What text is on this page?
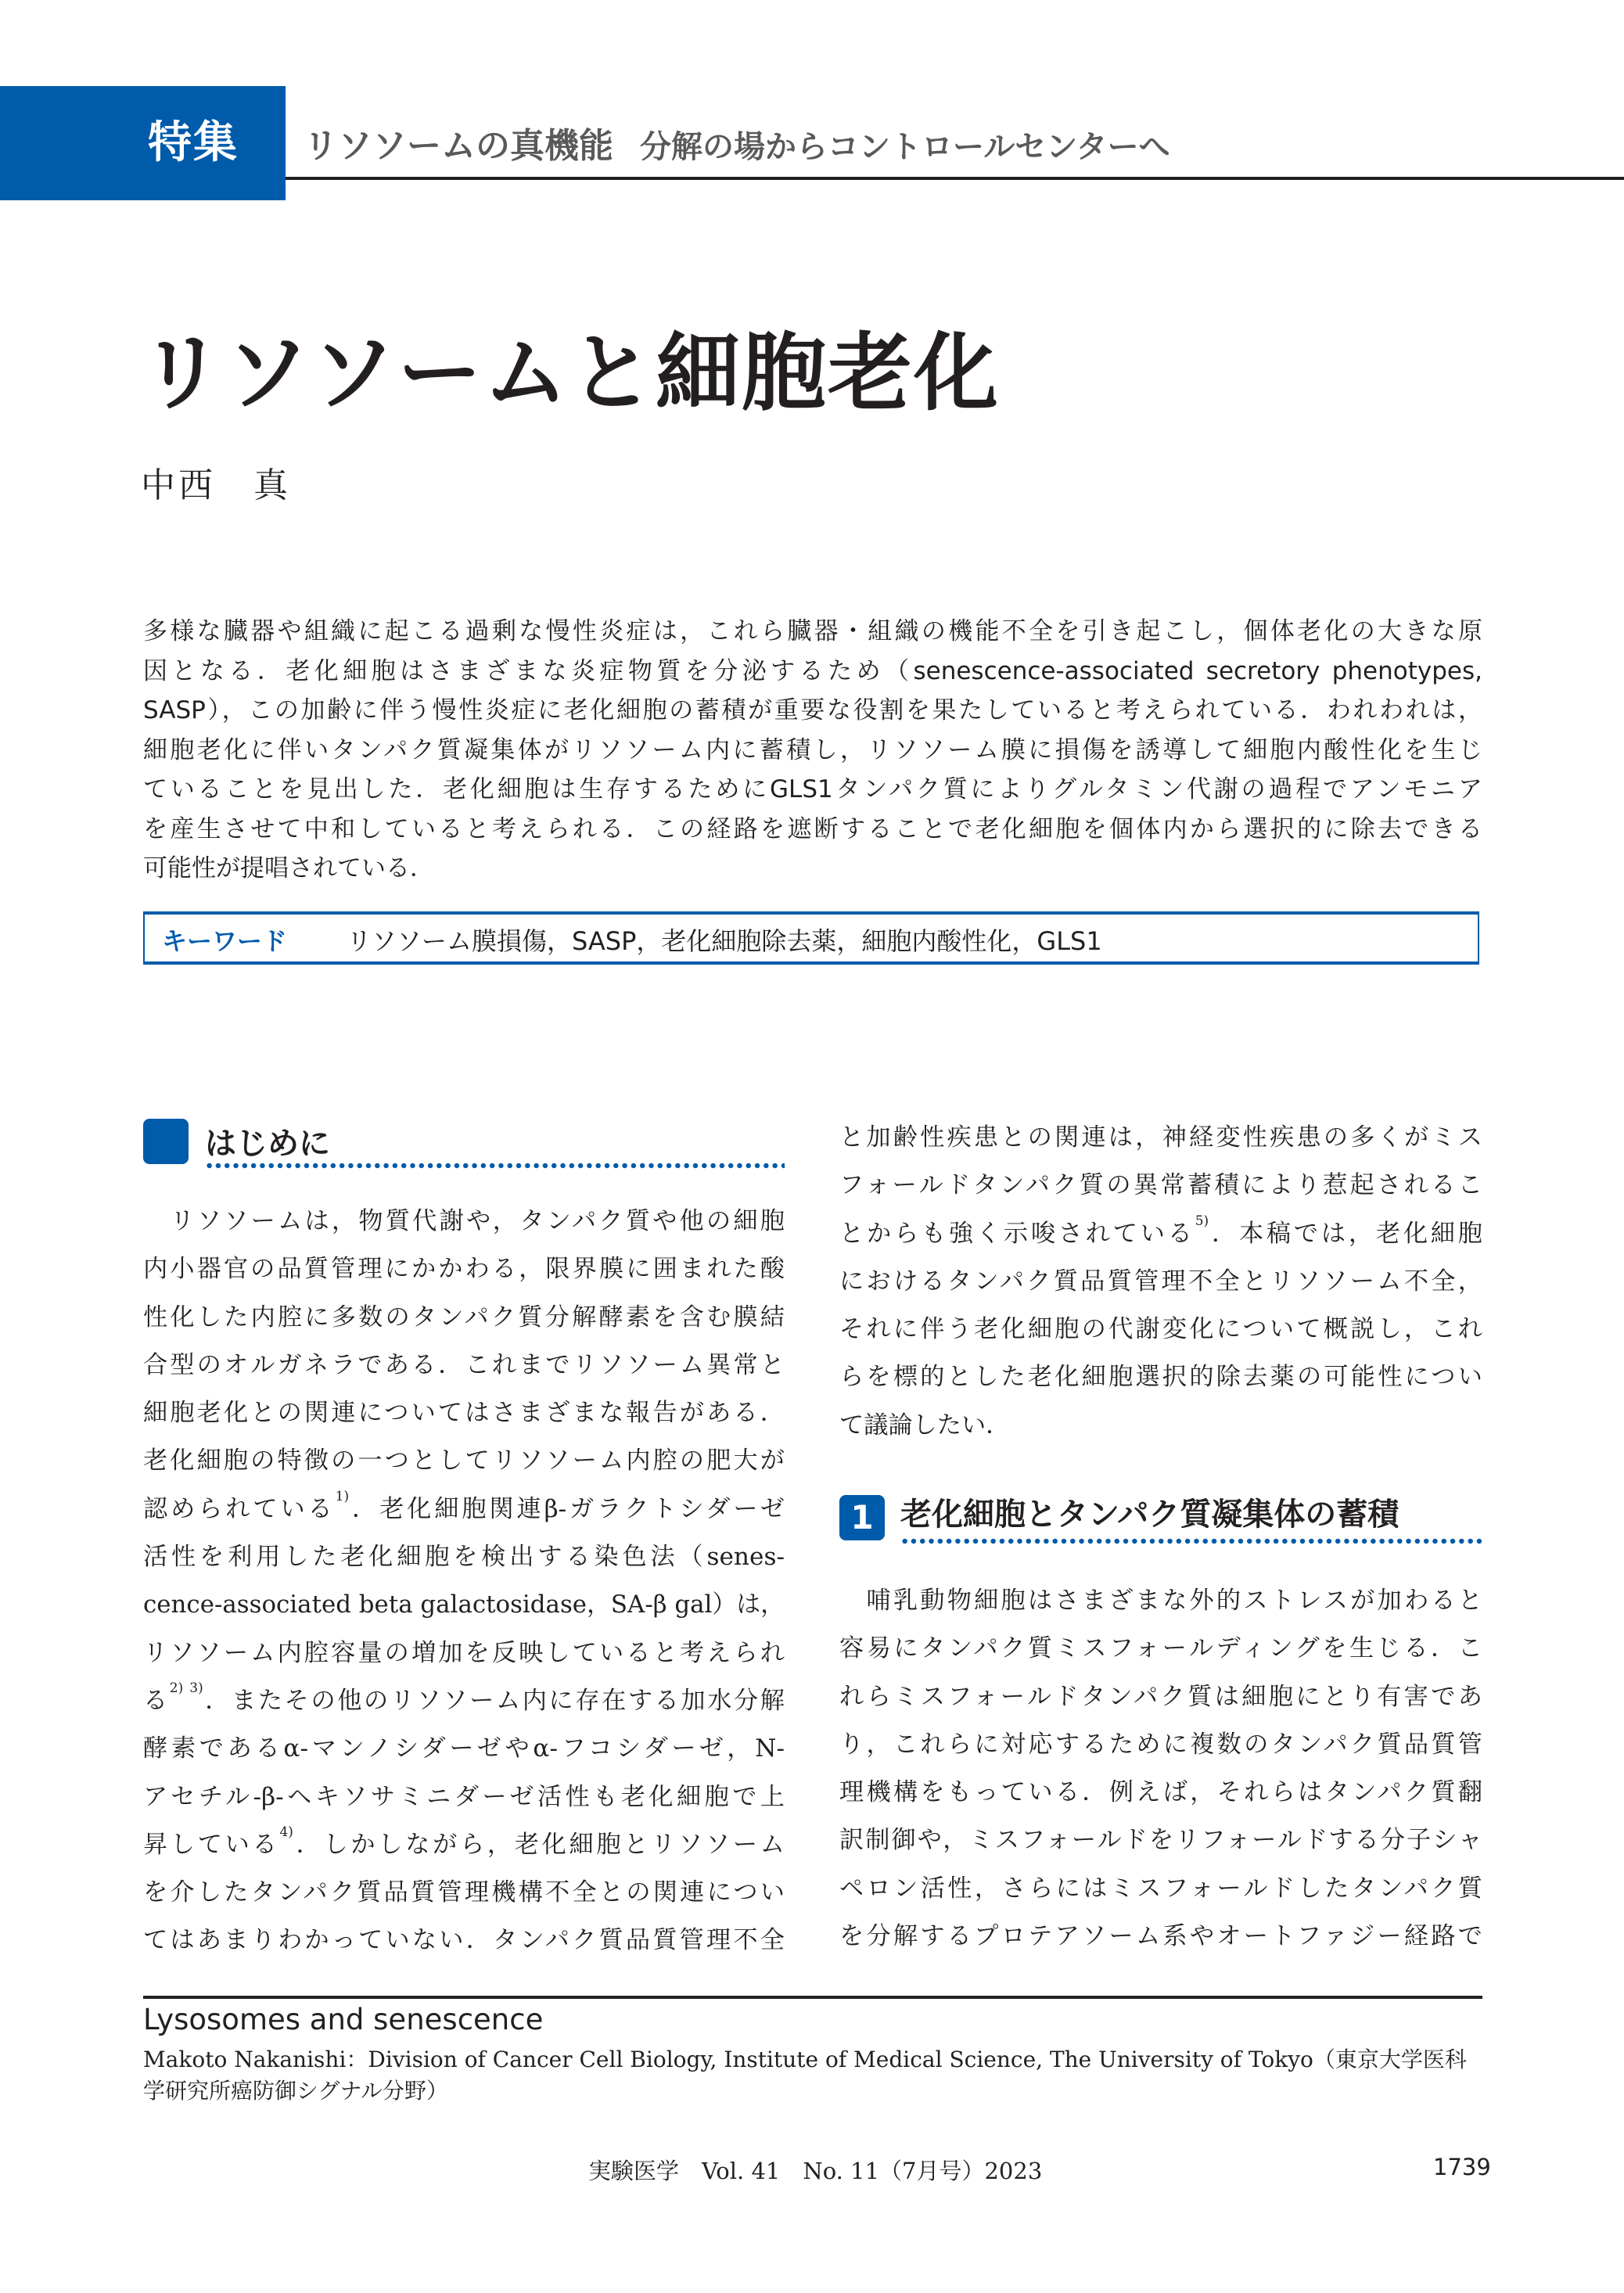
特集	リソソームの真機能 分解の場からコントロールセンターへ
リソソームと細胞老化
中西　真
多様な臓器や組織に起こる過剰な慢性炎症は，これら臓器・組織の機能不全を引き起こし，個体老化の大きな原
因となる．老化細胞はさまざまな炎症物質を分泌するため（senescence-associated secretory phenotypes,
SASP），この加齢に伴う慢性炎症に老化細胞の蓄積が重要な役割を果たしていると考えられている．われわれは，
細胞老化に伴いタンパク質凝集体がリソソーム内に蓄積し，リソソーム膜に損傷を誘導して細胞内酸性化を生じ
ていることを見出した．老化細胞は生存するためにGLS1タンパク質によりグルタミン代謝の過程でアンモニア
を産生させて中和していると考えられる．この経路を遮断することで老化細胞を個体内から選択的に除去できる
可能性が提唱されている．
キーワード リソソーム膜損傷，SASP，老化細胞除去薬，細胞内酸性化，GLS1
はじめに
　リソソームは，物質代謝や，タンパク質や他の細胞
内小器官の品質管理にかかわる，限界膜に囲まれた酸
性化した内腔に多数のタンパク質分解酵素を含む膜結
合型のオルガネラである．これまでリソソーム異常と
細胞老化との関連についてはさまざまな報告がある．
老化細胞の特徴の一つとしてリソソーム内腔の肥大が
認められている$^{1)}$．老化細胞関連β-ガラクトシダーゼ
活性を利用した老化細胞を検出する染色法（senes-
cence-associated beta galactosidase，SA-β gal）は，
リソソーム内腔容量の増加を反映していると考えられ
る$^{2) 3)}$．またその他のリソソーム内に存在する加水分解
酵素であるα-マンノシダーゼやα-フコシダーゼ，N-
アセチル-β-ヘキソサミニダーゼ活性も老化細胞で上
昇している$^{4)}$．しかしながら，老化細胞とリソソーム
を介したタンパク質品質管理機構不全との関連につい
てはあまりわかっていない．タンパク質品質管理不全
と加齢性疾患との関連は，神経変性疾患の多くがミス
フォールドタンパク質の異常蓄積により惹起されるこ
とからも強く示唆されている$^{5)}$．本稿では，老化細胞
におけるタンパク質品質管理不全とリソソーム不全，
それに伴う老化細胞の代謝変化について概説し，これ
らを標的とした老化細胞選択的除去薬の可能性につい
て議論したい．
1 老化細胞とタンパク質凝集体の蓄積
　哺乳動物細胞はさまざまな外的ストレスが加わると
容易にタンパク質ミスフォールディングを生じる．こ
れらミスフォールドタンパク質は細胞にとり有害であ
り，これらに対応するために複数のタンパク質品質管
理機構をもっている．例えば，それらはタンパク質翻
訳制御や，ミスフォールドをリフォールドする分子シャ
ペロン活性，さらにはミスフォールドしたタンパク質
を分解するプロテアソーム系やオートファジー経路で
Lysosomes and senescence
Makoto Nakanishi：Division of Cancer Cell Biology, Institute of Medical Science, The University of Tokyo（東京大学医科学研究所癌防御シグナル分野）
実験医学　Vol. 41　No. 11（7月号）2023	1739
